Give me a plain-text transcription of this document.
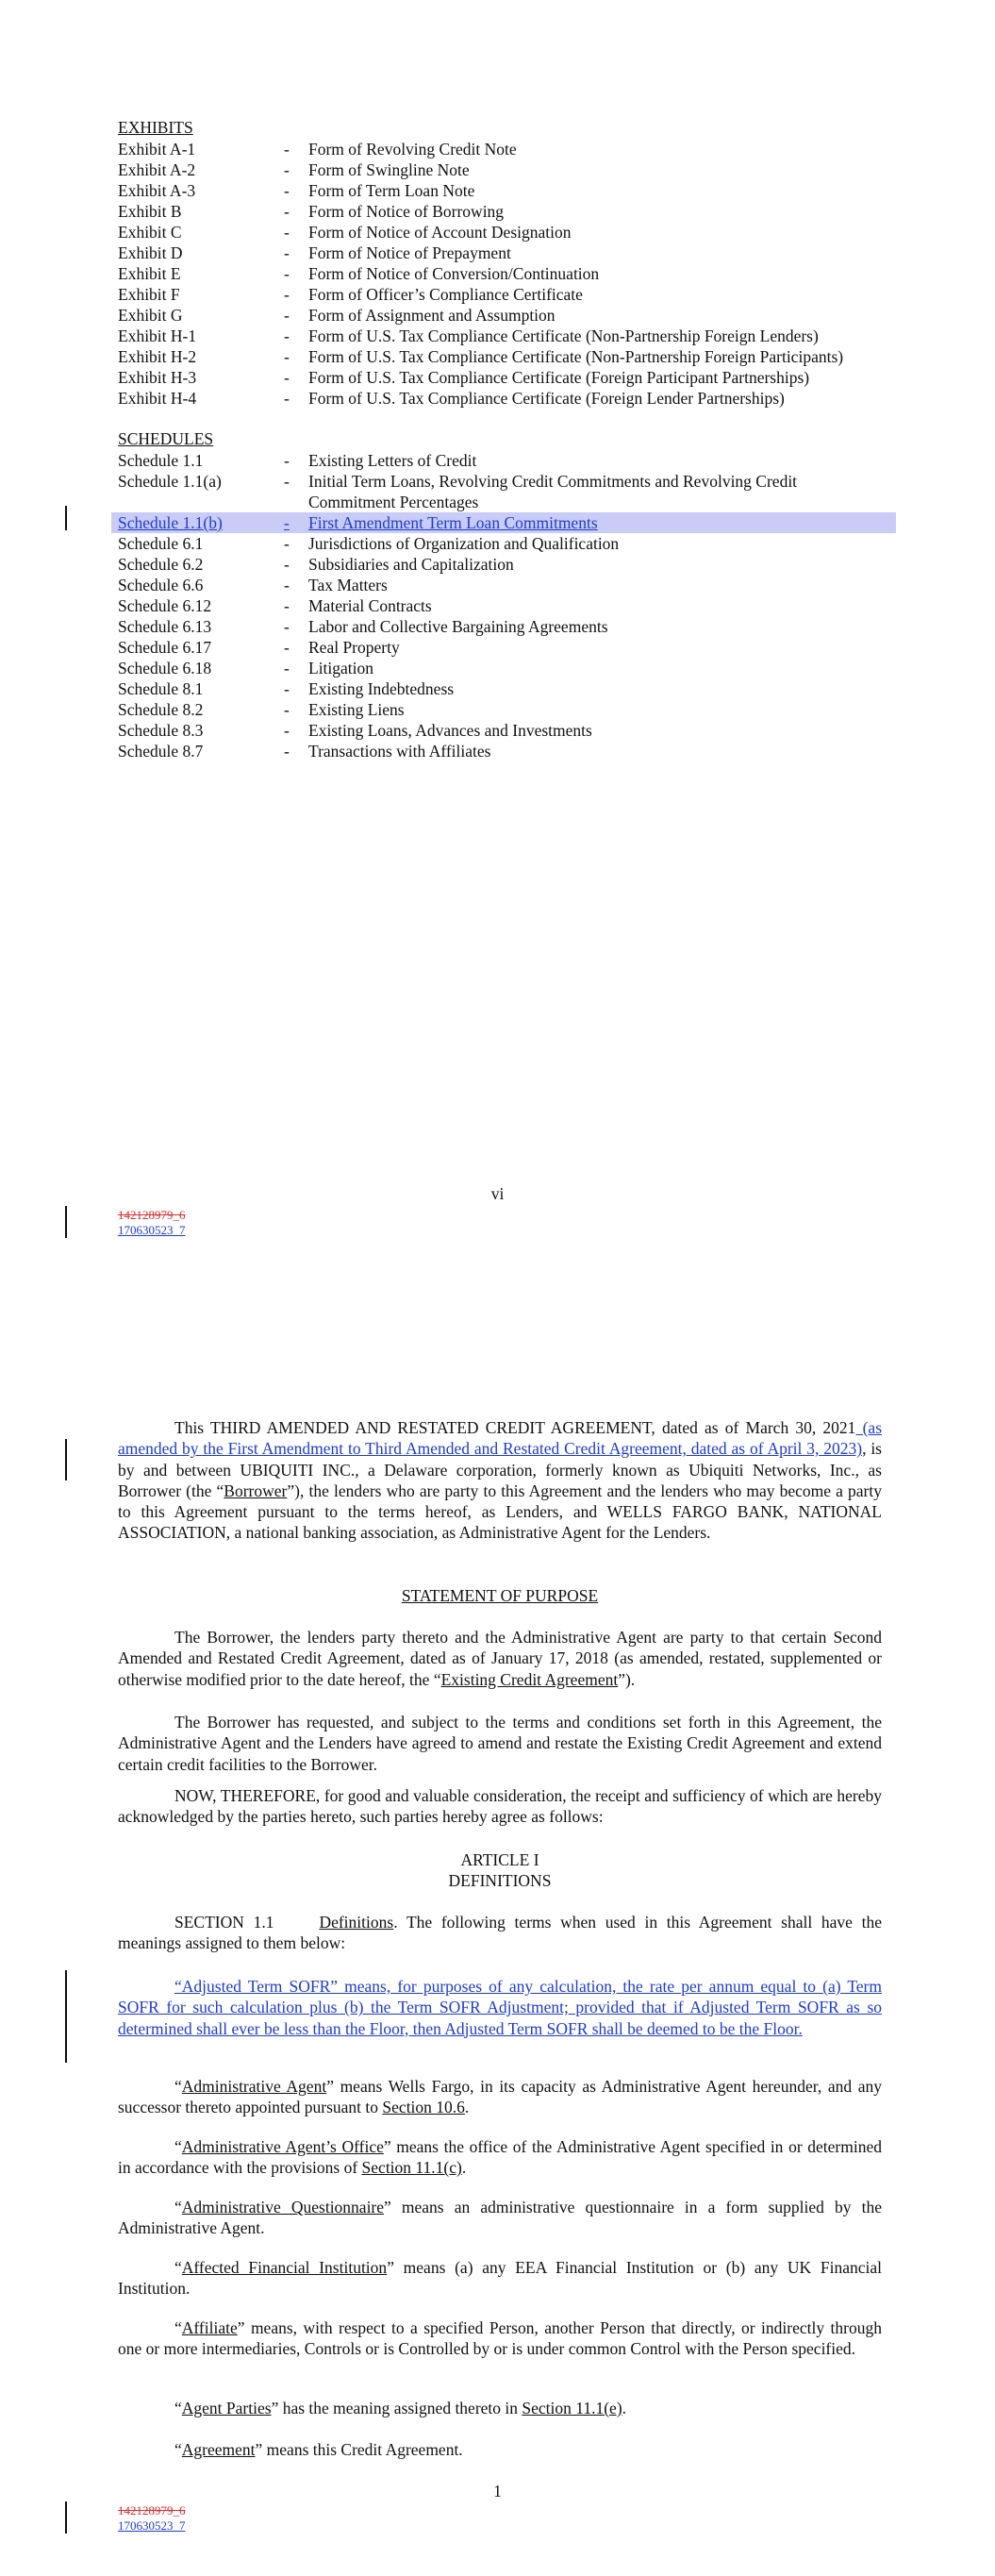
EXHIBITS
Exhibit A-1	- Form of Revolving Credit Note
Exhibit A-2	- Form of Swingline Note
Exhibit A-3	- Form of Term Loan Note
Exhibit B	- Form of Notice of Borrowing
Exhibit C	- Form of Notice of Account Designation
Exhibit D	- Form of Notice of Prepayment
Exhibit E	- Form of Notice of Conversion/Continuation
Exhibit F	- Form of Officer’s Compliance Certificate
Exhibit G	- Form of Assignment and Assumption
Exhibit H-1	- Form of U.S. Tax Compliance Certificate (Non-Partnership Foreign Lenders)
Exhibit H-2	- Form of U.S. Tax Compliance Certificate (Non-Partnership Foreign Participants)
Exhibit H-3	- Form of U.S. Tax Compliance Certificate (Foreign Participant Partnerships)
Exhibit H-4	- Form of U.S. Tax Compliance Certificate (Foreign Lender Partnerships)
SCHEDULES
Schedule 1.1	- Existing Letters of Credit
Schedule 1.1(a)	- Initial Term Loans, Revolving Credit Commitments and Revolving Credit
Commitment Percentages
Schedule 1.1(b)	- First Amendment Term Loan Commitments
Schedule 6.1	- Jurisdictions of Organization and Qualification
Schedule 6.2	- Subsidiaries and Capitalization
Schedule 6.6	- Tax Matters
Schedule 6.12	- Material Contracts
Schedule 6.13	- Labor and Collective Bargaining Agreements
Schedule 6.17	- Real Property
Schedule 6.18	- Litigation
Schedule 8.1	- Existing Indebtedness
Schedule 8.2	- Existing Liens
Schedule 8.3	- Existing Loans, Advances and Investments
Schedule 8.7	- Transactions with Affiliates
vi
142128979_6
170630523_7
This THIRD AMENDED AND RESTATED CREDIT AGREEMENT, dated as of March 30, 2021 (as amended by the First Amendment to Third Amended and Restated Credit Agreement, dated as of April 3, 2023), is by and between UBIQUITI INC., a Delaware corporation, formerly known as Ubiquiti Networks, Inc., as Borrower (the “Borrower”), the lenders who are party to this Agreement and the lenders who may become a party to this Agreement pursuant to the terms hereof, as Lenders, and WELLS FARGO BANK, NATIONAL ASSOCIATION, a national banking association, as Administrative Agent for the Lenders.
STATEMENT OF PURPOSE
The Borrower, the lenders party thereto and the Administrative Agent are party to that certain Second Amended and Restated Credit Agreement, dated as of January 17, 2018 (as amended, restated, supplemented or otherwise modified prior to the date hereof, the “Existing Credit Agreement”).
The Borrower has requested, and subject to the terms and conditions set forth in this Agreement, the Administrative Agent and the Lenders have agreed to amend and restate the Existing Credit Agreement and extend certain credit facilities to the Borrower.
NOW, THEREFORE, for good and valuable consideration, the receipt and sufficiency of which are hereby acknowledged by the parties hereto, such parties hereby agree as follows:
ARTICLE I
DEFINITIONS
SECTION 1.1	Definitions. The following terms when used in this Agreement shall have the meanings assigned to them below:
“Adjusted Term SOFR” means, for purposes of any calculation, the rate per annum equal to (a) Term SOFR for such calculation plus (b) the Term SOFR Adjustment; provided that if Adjusted Term SOFR as so determined shall ever be less than the Floor, then Adjusted Term SOFR shall be deemed to be the Floor.
“Administrative Agent” means Wells Fargo, in its capacity as Administrative Agent hereunder, and any successor thereto appointed pursuant to Section 10.6.
“Administrative Agent’s Office” means the office of the Administrative Agent specified in or determined in accordance with the provisions of Section 11.1(c).
“Administrative Questionnaire” means an administrative questionnaire in a form supplied by the Administrative Agent.
“Affected Financial Institution” means (a) any EEA Financial Institution or (b) any UK Financial Institution.
“Affiliate” means, with respect to a specified Person, another Person that directly, or indirectly through one or more intermediaries, Controls or is Controlled by or is under common Control with the Person specified.
“Agent Parties” has the meaning assigned thereto in Section 11.1(e).
“Agreement” means this Credit Agreement.
1
142128979_6
170630523_7
